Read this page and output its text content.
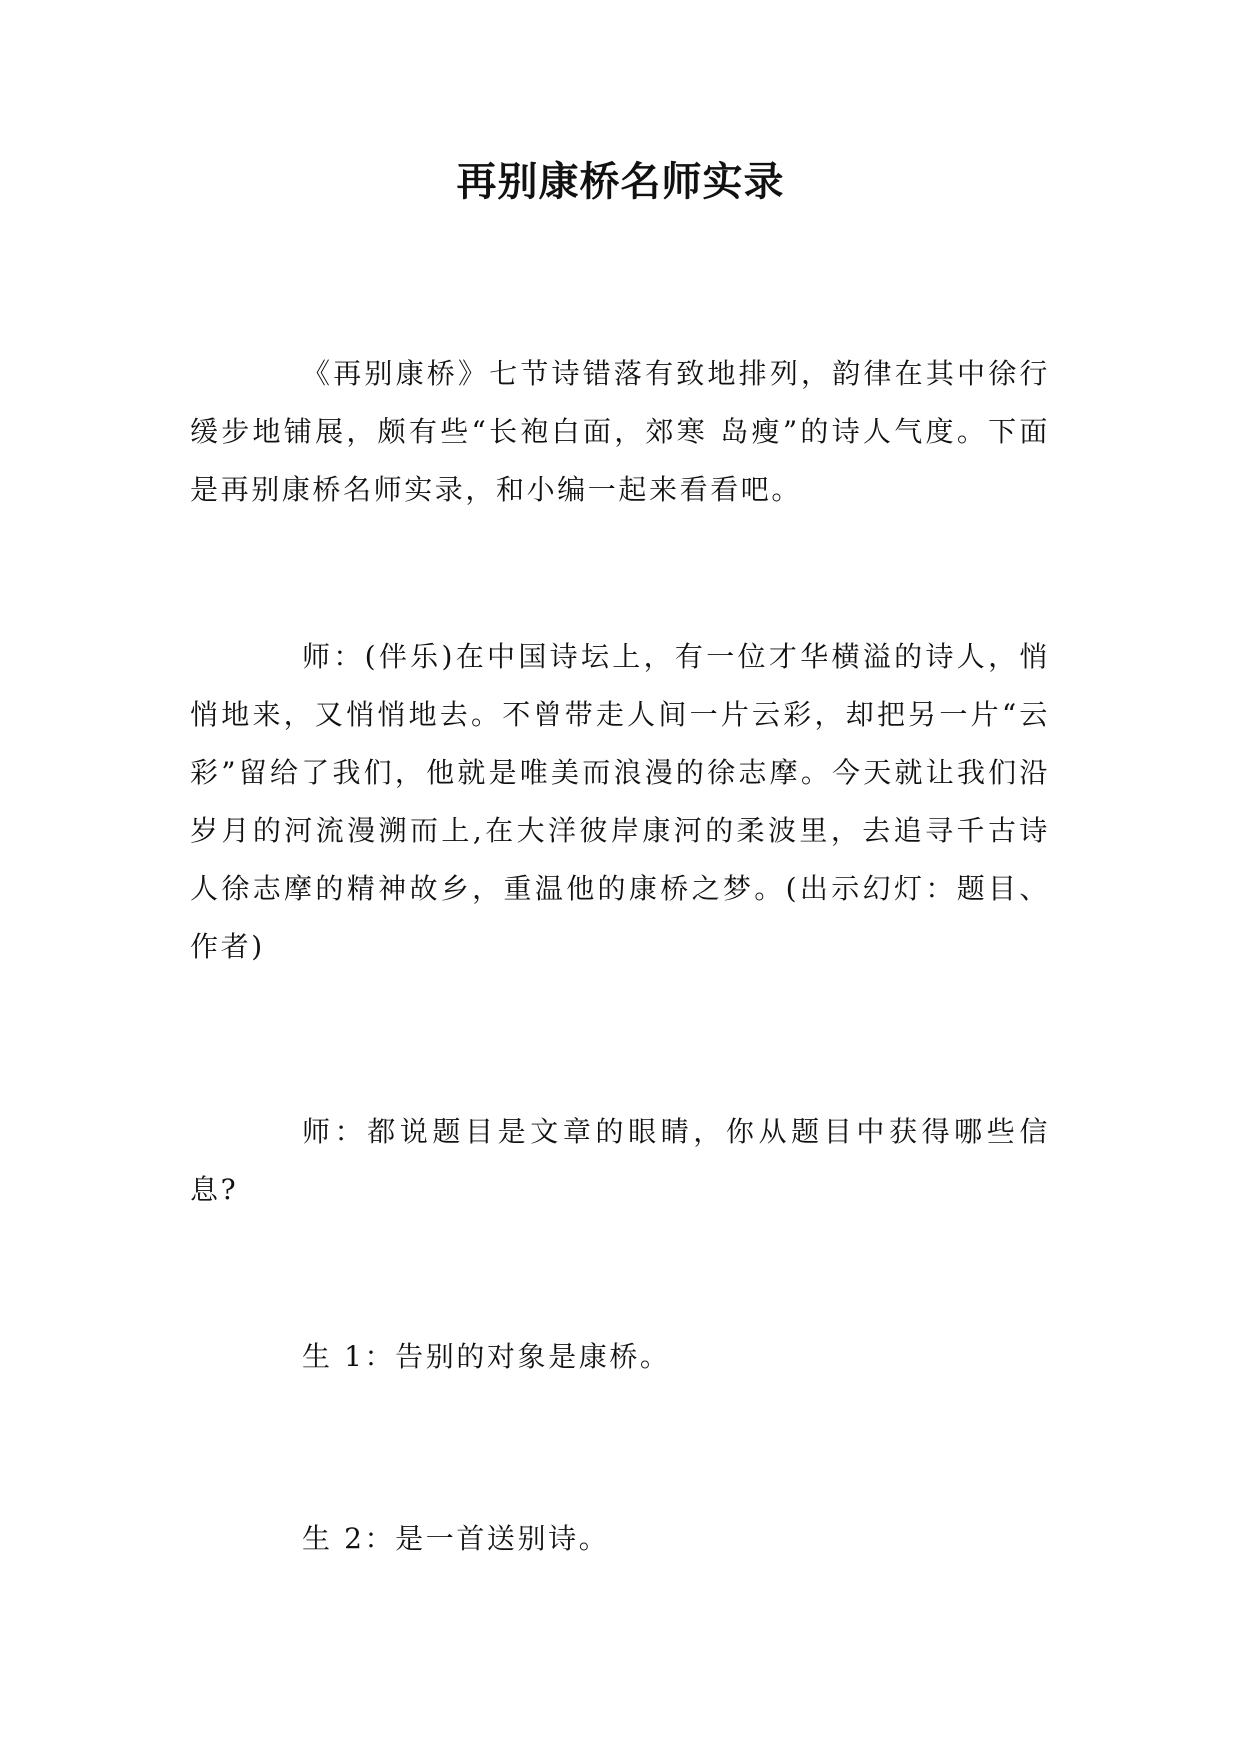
再别康桥名师实录

《再别康桥》七节诗错落有致地排列，韵律在其中徐行缓步地铺展，颇有些“长袍白面，郊寒 岛瘦”的诗人气度。下面是再别康桥名师实录，和小编一起来看看吧。

师：(伴乐)在中国诗坛上，有一位才华横溢的诗人，悄悄地来，又悄悄地去。不曾带走人间一片云彩，却把另一片“云彩”留给了我们，他就是唯美而浪漫的徐志摩。今天就让我们沿岁月的河流漫溯而上,在大洋彼岸康河的柔波里，去追寻千古诗人徐志摩的精神故乡，重温他的康桥之梦。(出示幻灯：题目、作者)

师：都说题目是文章的眼睛，你从题目中获得哪些信息?

生 1：告别的对象是康桥。

生 2：是一首送别诗。
